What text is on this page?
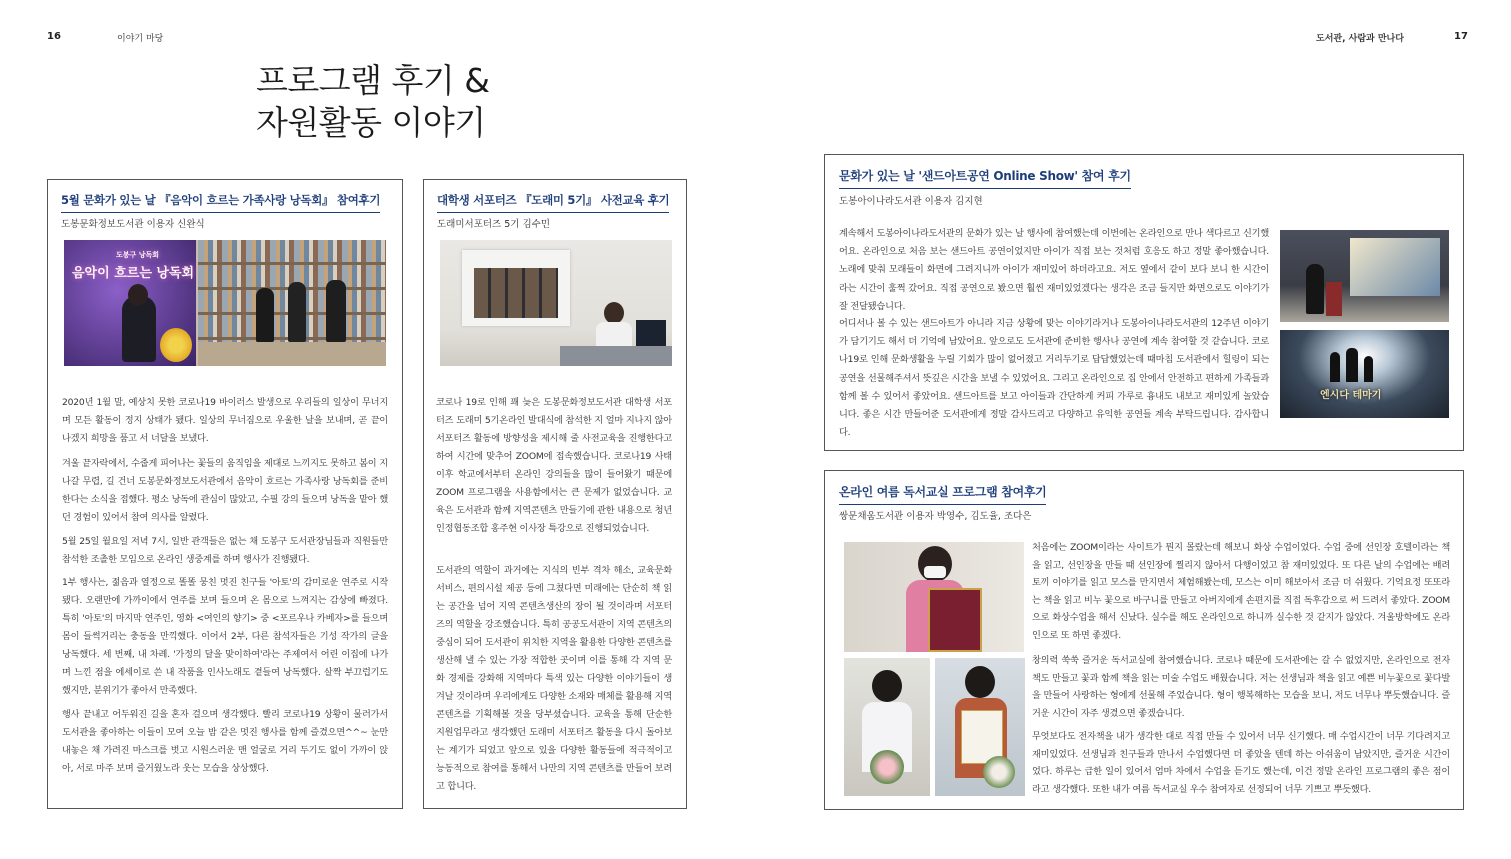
16	이야기 마당	도서관, 사람과 만나다	17
프로그램 후기 &
자원활동 이야기
5월 문화가 있는 날 『음악이 흐르는 가족사랑 낭독회』 참여후기
도봉문화정보도서관 이용자 신완식
도봉구 낭독회
음악이 흐르는 낭독회

2020년 1월 말, 예상치 못한 코로나19 바이러스 발생으로 우리들의 일상이 무너지며 모든 활동이 정지 상태가 됐다. 일상의 무너짐으로 우울한 날을 보내며, 곧 끝이 나겠지 희망을 품고 서 너달을 보냈다.

겨울 끝자락에서, 수줍게 피어나는 꽃들의 움직임을 제대로 느끼지도 못하고 봄이 지나갈 무렵, 길 건너 도봉문화정보도서관에서 음악이 흐르는 가족사랑 낭독회를 준비한다는 소식을 접했다. 평소 낭독에 관심이 많았고, 수필 강의 들으며 낭독을 맡아 했던 경험이 있어서 참여 의사를 알렸다.

5월 25일 월요일 저녁 7시, 일반 관객들은 없는 채 도봉구 도서관장님들과 직원들만 참석한 조촐한 모임으로 온라인 생중계를 하며 행사가 진행됐다.

1부 행사는, 젊음과 열정으로 똘똘 뭉친 멋진 친구들 '아토'의 감미로운 연주로 시작됐다. 오랜만에 가까이에서 연주를 보며 들으며 온 몸으로 느껴지는 감상에 빠졌다. 특히 '아토'의 마지막 연주인, 영화 <여인의 향기> 중 <포르우나 카베자>를 들으며 몸이 들썩거리는 충동을 만끽했다. 이어서 2부, 다른 참석자들은 기성 작가의 글을 낭독했다. 세 번째, 내 차례. '가정의 달을 맞이하여'라는 주제여서 어린 이집에 나가며 느낀 점을 에세이로 쓴 내 작품을 인사노래도 곁들여 낭독했다. 살짝 부끄럽기도 했지만, 분위기가 좋아서 만족했다.

행사 끝내고 어두워진 길을 혼자 걸으며 생각했다. 빨리 코로나19 상황이 물러가서 도서관을 좋아하는 이들이 모여 오늘 밤 같은 멋진 행사를 함께 즐겼으면^^~ 눈만 내놓은 채 가려진 마스크를 벗고 시원스러운 맨 얼굴로 거리 두기도 없이 가까이 앉아, 서로 마주 보며 즐거웠노라 웃는 모습을 상상했다.

대학생 서포터즈 『도래미 5기』 사전교육 후기
도래미서포터즈 5기 김수민

코로나 19로 인해 꽤 늦은 도봉문화정보도서관 대학생 서포터즈 도래미 5기온라인 발대식에 참석한 지 얼마 지나지 않아 서포터즈 활동에 방향성을 제시해 줄 사전교육을 진행한다고 하여 시간에 맞추어 ZOOM에 접속했습니다. 코로나19 사태 이후 학교에서부터 온라인 강의들을 많이 들어왔기 때문에ZOOM 프로그램을 사용함에서는 큰 문제가 없었습니다. 교육은 도서관과 함께 지역콘텐츠 만들기에 관한 내용으로 청년인정협동조합 홍주현 이사장 특강으로 진행되었습니다.

도서관의 역할이 과거에는 지식의 빈부 격차 해소, 교육문화 서비스, 편의시설 제공 등에 그쳤다면 미래에는 단순히 책 읽는 공간을 넘어 지역 콘텐츠생산의 장이 될 것이라며 서포터즈의 역할을 강조했습니다. 특히 공공도서관이 지역 콘텐츠의 중심이 되어 도서관이 위치한 지역을 활용한 다양한 콘텐츠를 생산해 낼 수 있는 가장 적합한 곳이며 이를 통해 각 지역 문화 경제를 강화해 지역마다 특색 있는 다양한 이야기들이 생겨날 것이라며 우리에게도 다양한 소재와 매체를 활용해 지역 콘텐츠를 기획해볼 것을 당부셨습니다. 교육을 통해 단순한 지원업무라고 생각했던 도래미 서포터즈 활동을 다시 돌아보는 계기가 되었고 앞으로 있을 다양한 활동들에 적극적이고 능동적으로 참여를 통해서 나만의 지역 콘텐츠를 만들어 보려고 합니다.

문화가 있는 날 '샌드아트공연 Online Show' 참여 후기
도봉아이나라도서관 이용자 김지현

계속해서 도봉아이나라도서관의 문화가 있는 날 행사에 참여했는데 이번에는 온라인으로 만나 색다르고 신기했어요. 온라인으로 처음 보는 샌드아트 공연이었지만 아이가 직접 보는 것처럼 호응도 하고 정말 좋아했습니다. 노래에 맞춰 모래들이 화면에 그려지니까 아이가 재미있어 하더라고요. 저도 옆에서 같이 보다 보니 한 시간이라는 시간이 훌쩍 갔어요. 직접 공연으로 봤으면 훨씬 재미있었겠다는 생각은 조금 들지만 화면으로도 이야기가 잘 전달됐습니다.

어디서나 볼 수 있는 샌드아트가 아니라 지금 상황에 맞는 이야기라거나 도봉아이나라도서관의 12주년 이야기가 담기기도 해서 더 기억에 남았어요. 앞으로도 도서관에 준비한 행사나 공연에 계속 참여할 것 같습니다. 코로나19로 인해 문화생활을 누릴 기회가 많이 없어졌고 거리두기로 답답했었는데 때마침 도서관에서 힐링이 되는 공연을 선물해주셔서 뜻깊은 시간을 보낼 수 있었어요. 그리고 온라인으로 집 안에서 안전하고 편하게 가족들과 함께 볼 수 있어서 좋았어요. 샌드아트를 보고 아이들과 간단하게 커피 가루로 흉내도 내보고 재미있게 놀았습니다. 좋은 시간 만들어준 도서관에게 정말 감사드리고 다양하고 유익한 공연들 계속 부탁드립니다. 감사합니다.

엔시다 테마기
온라인 여름 독서교실 프로그램 참여후기
쌍문채움도서관 이용자 박영수, 김도율, 조다은

처음에는 ZOOM이라는 사이트가 뭔지 몰랐는데 해보니 화상 수업이었다. 수업 중에 선인장 호텔이라는 책을 읽고, 선인장을 만들 때 선인장에 찔리지 않아서 다행이었고 참 재미있었다. 또 다른 날의 수업에는 배려토끼 이야기를 읽고 모스를 만지면서 체험해봤는데, 모스는 이미 해보아서 조금 더 쉬웠다. 기억요정 또또라는 책을 읽고 비누 꽃으로 바구니를 만들고 아버지에게 손편지를 직접 독후감으로 써 드려서 좋았다. ZOOM으로 화상수업을 해서 신났다. 실수를 해도 온라인으로 하니까 실수한 것 같지가 않았다. 겨울방학에도 온라인으로 또 하면 좋겠다.

창의력 쑥쑥 즐거운 독서교실에 참여했습니다. 코로나 때문에 도서관에는 갈 수 없었지만, 온라인으로 전자책도 만들고 꽃과 함께 책을 읽는 미술 수업도 배웠습니다. 저는 선생님과 책을 읽고 예쁜 비누꽃으로 꽃다발을 만들어 사랑하는 형에게 선물해 주었습니다. 형이 행복해하는 모습을 보니, 저도 너무나 뿌듯했습니다. 즐거운 시간이 자주 생겼으면 좋겠습니다.

무엇보다도 전자책을 내가 생각한 대로 직접 만들 수 있어서 너무 신기했다. 매 수업시간이 너무 기다려지고 재미있었다. 선생님과 친구들과 만나서 수업했다면 더 좋았을 텐데 하는 아쉬움이 남았지만, 즐거운 시간이었다. 하루는 급한 일이 있어서 엄마 차에서 수업을 듣기도 했는데, 이건 정말 온라인 프로그램의 좋은 점이라고 생각했다. 또한 내가 여름 독서교실 우수 참여자로 선정되어 너무 기쁘고 뿌듯했다.
